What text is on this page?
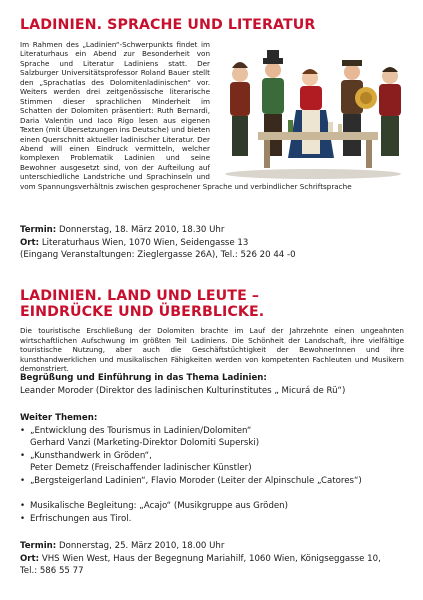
LADINIEN. SPRACHE UND LITERATUR
Im Rahmen des „Ladinien“-Schwerpunkts findet im Literaturhaus ein Abend zur Besonderheit von Sprache und Literatur Ladiniens statt. Der Salzburger Universitätsprofessor Roland Bauer stellt den „Sprachatlas des Dolomitenladinischen“ vor. Weiters werden drei zeitgenössische literarische Stimmen dieser sprachlichen Minderheit im Schatten der Dolomiten präsentiert: Ruth Bernardi, Daria Valentin und Iaco Rigo lesen aus eigenen Texten (mit Übersetzungen ins Deutsche) und bieten einen Querschnitt aktueller ladinischer Literatur. Der Abend will einen Eindruck vermitteln, welcher komplexen Problematik Ladinien und seine Bewohner ausgesetzt sind, von der Aufteilung auf unterschiedliche Landstriche und Sprachinseln und vom Spannungsverhältnis zwischen gesprochener Sprache und verbindlicher Schriftsprache
Termin: Donnerstag, 18. März 2010, 18.30 Uhr
Ort: Literaturhaus Wien, 1070 Wien, Seidengasse 13
(Eingang Veranstaltungen: Zieglergasse 26A), Tel.: 526 20 44 -0
LADINIEN. LAND UND LEUTE –
EINDRÜCKE UND ÜBERBLICKE.
Die touristische Erschließung der Dolomiten brachte im Lauf der Jahrzehnte einen ungeahnten wirtschaftlichen Aufschwung im größten Teil Ladiniens. Die Schönheit der Landschaft, ihre vielfältige touristische Nutzung, aber auch die Geschäftstüchtigkeit der BewohnerInnen und ihre kunsthandwerklichen und musikalischen Fähigkeiten werden von kompetenten Fachleuten und Musikern demonstriert.
Begrüßung und Einführung in das Thema Ladinien:
Leander Moroder (Direktor des ladinischen Kulturinstitutes „ Micurá de Rü“)
Weiter Themen:
• „Entwicklung des Tourismus in Ladinien/Dolomiten“
Gerhard Vanzi (Marketing-Direktor Dolomiti Superski)
• „Kunsthandwerk in Gröden“,
Peter Demetz (Freischaffender ladinischer Künstler)
• „Bergsteigerland Ladinien“, Flavio Moroder (Leiter der Alpinschule „Catores“)
• Musikalische Begleitung: „Acajo“ (Musikgruppe aus Gröden)
• Erfrischungen aus Tirol.
Termin: Donnerstag, 25. März 2010, 18.00 Uhr
Ort: VHS Wien West, Haus der Begegnung Mariahilf, 1060 Wien, Königseggasse 10,
Tel.: 586 55 77
